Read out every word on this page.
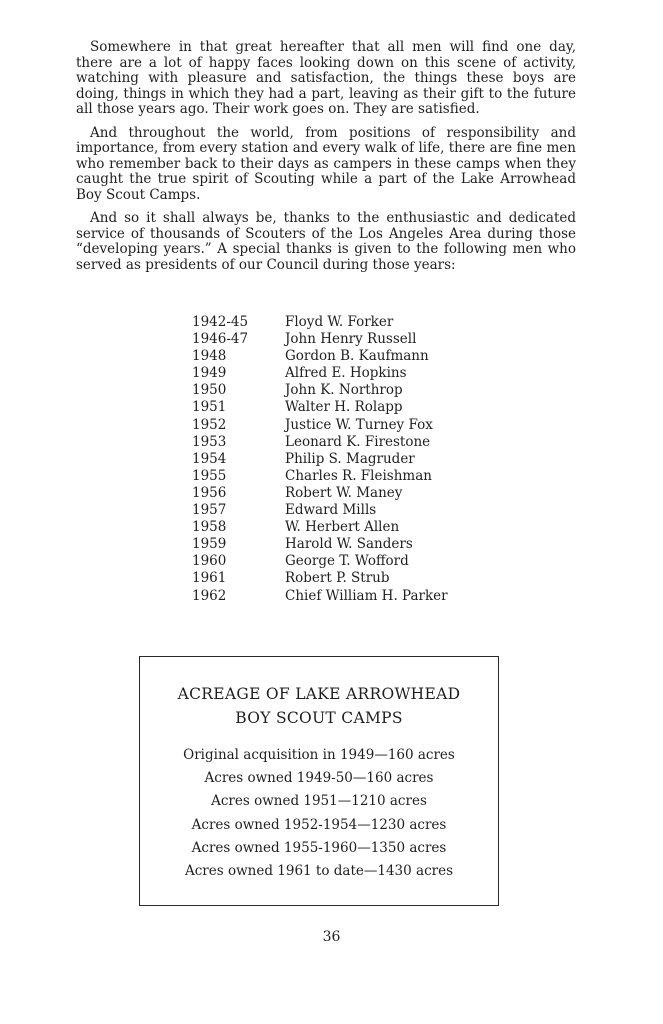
Somewhere in that great hereafter that all men will find one day, there are a lot of happy faces looking down on this scene of activity, watching with pleasure and satisfaction, the things these boys are doing, things in which they had a part, leaving as their gift to the future all those years ago. Their work goes on. They are satisfied.

And throughout the world, from positions of responsibility and importance, from every station and every walk of life, there are fine men who remember back to their days as campers in these camps when they caught the true spirit of Scouting while a part of the Lake Arrowhead Boy Scout Camps.

And so it shall always be, thanks to the enthusiastic and dedicated service of thousands of Scouters of the Los Angeles Area during those “developing years.” A special thanks is given to the following men who served as presidents of our Council during those years:

1942-45	Floyd W. Forker
1946-47	John Henry Russell
1948	Gordon B. Kaufmann
1949	Alfred E. Hopkins
1950	John K. Northrop
1951	Walter H. Rolapp
1952	Justice W. Turney Fox
1953	Leonard K. Firestone
1954	Philip S. Magruder
1955	Charles R. Fleishman
1956	Robert W. Maney
1957	Edward Mills
1958	W. Herbert Allen
1959	Harold W. Sanders
1960	George T. Wofford
1961	Robert P. Strub
1962	Chief William H. Parker
ACREAGE OF LAKE ARROWHEAD
BOY SCOUT CAMPS
Original acquisition in 1949—160 acres
Acres owned 1949-50—160 acres
Acres owned 1951—1210 acres
Acres owned 1952-1954—1230 acres
Acres owned 1955-1960—1350 acres
Acres owned 1961 to date—1430 acres
36
